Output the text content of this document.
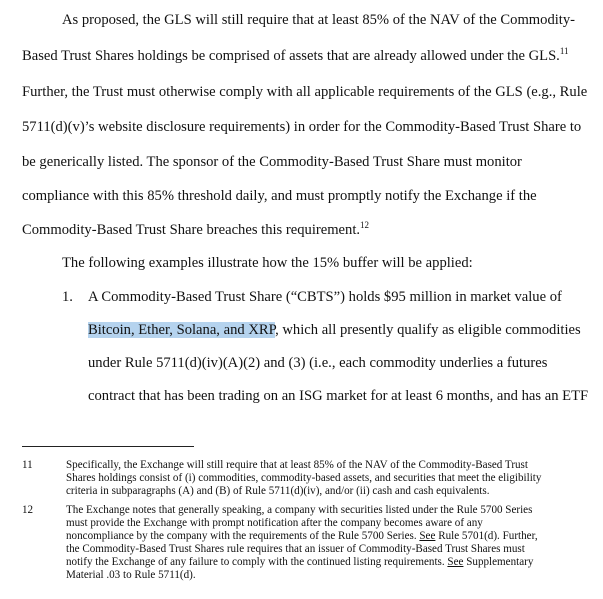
As proposed, the GLS will still require that at least 85% of the NAV of the Commodity-
Based Trust Shares holdings be comprised of assets that are already allowed under the GLS.$^{11}$
Further, the Trust must otherwise comply with all applicable requirements of the GLS (e.g., Rule
5711(d)(v)’s website disclosure requirements) in order for the Commodity-Based Trust Share to
be generically listed. The sponsor of the Commodity-Based Trust Share must monitor
compliance with this 85% threshold daily, and must promptly notify the Exchange if the
Commodity-Based Trust Share breaches this requirement.$^{12}$
The following examples illustrate how the 15% buffer will be applied:
1. A Commodity-Based Trust Share (“CBTS”) holds $95 million in market value of
Bitcoin, Ether, Solana, and XRP, which all presently qualify as eligible commodities
under Rule 5711(d)(iv)(A)(2) and (3) (i.e., each commodity underlies a futures
contract that has been trading on an ISG market for at least 6 months, and has an ETF
11	Specifically, the Exchange will still require that at least 85% of the NAV of the Commodity-Based Trust
Shares holdings consist of (i) commodities, commodity-based assets, and securities that meet the eligibility
criteria in subparagraphs (A) and (B) of Rule 5711(d)(iv), and/or (ii) cash and cash equivalents.
12	The Exchange notes that generally speaking, a company with securities listed under the Rule 5700 Series
must provide the Exchange with prompt notification after the company becomes aware of any
noncompliance by the company with the requirements of the Rule 5700 Series. See Rule 5701(d). Further,
the Commodity-Based Trust Shares rule requires that an issuer of Commodity-Based Trust Shares must
notify the Exchange of any failure to comply with the continued listing requirements. See Supplementary
Material .03 to Rule 5711(d).
